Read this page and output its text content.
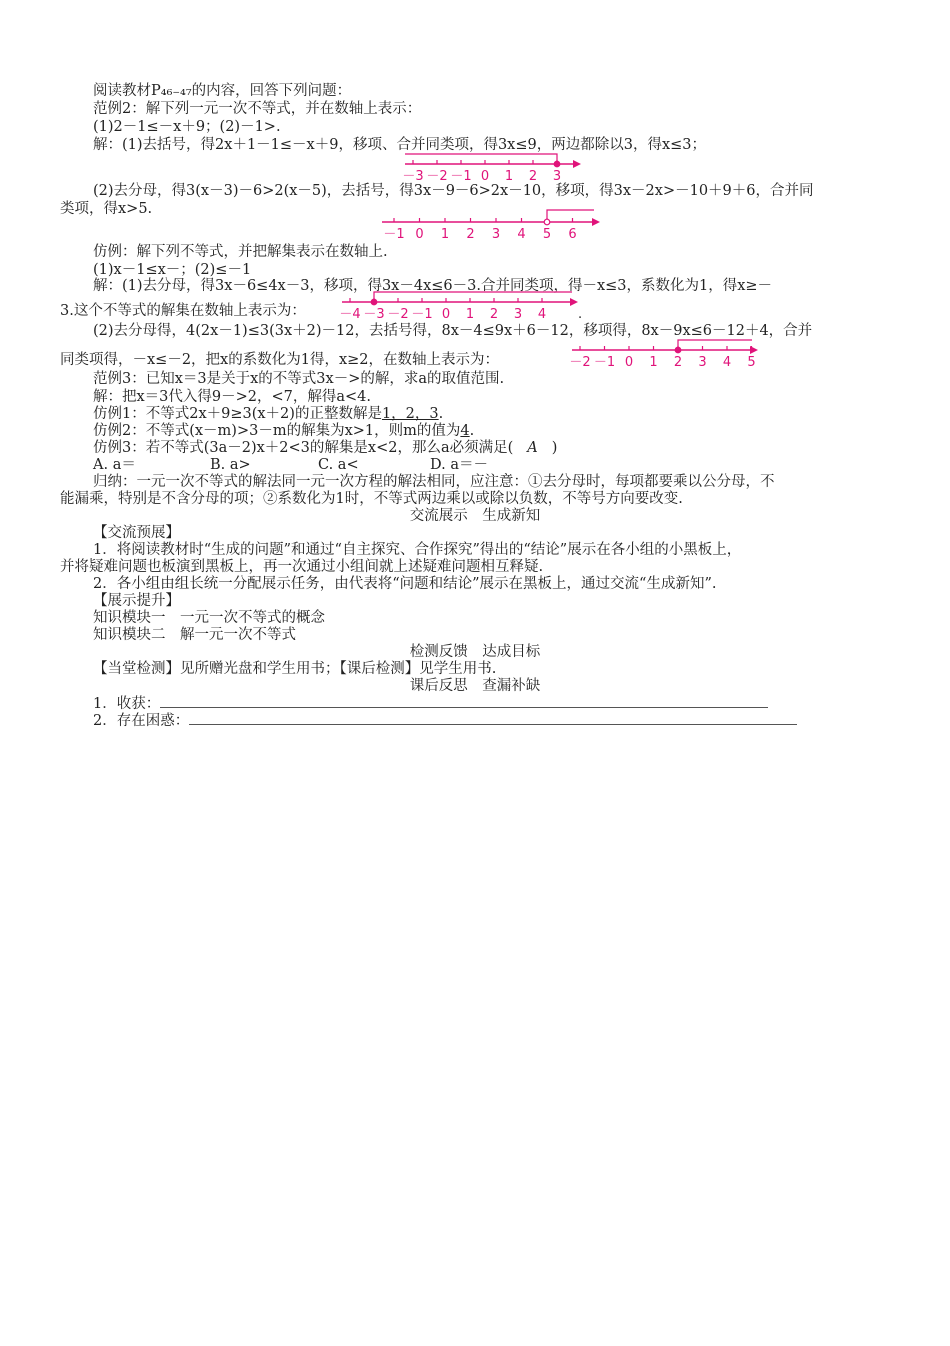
阅读教材P₄₆₋₄₇的内容，回答下列问题：
范例2：解下列一元一次不等式，并在数轴上表示：
(1)2－1≤－x＋9；(2)－1>.
解：(1)去括号，得2x＋1－1≤－x＋9，移项、合并同类项，得3x≤9，两边都除以3，得x≤3；
－3 －2 －1 0 1 2 3
(2)去分母，得3(x－3)－6>2(x－5)，去括号，得3x－9－6>2x－10，移项，得3x－2x>－10＋9＋6，合并同
类项，得x>5.
－1 0 1 2 3 4 5 6
仿例：解下列不等式，并把解集表示在数轴上.
(1)x－1≤x－；(2)≤－1
解：(1)去分母，得3x－6≤4x－3，移项，得3x－4x≤6－3.合并同类项，得－x≤3，系数化为1，得x≥－
3.这个不等式的解集在数轴上表示为：	－4 －3 －2 －1 0 1 2 3 4 .
(2)去分母得，4(2x－1)≤3(3x＋2)－12，去括号得，8x－4≤9x＋6－12，移项得，8x－9x≤6－12＋4，合并
同类项得，－x≤－2，把x的系数化为1得，x≥2，在数轴上表示为：	－2 －1 0 1 2 3 4 5
范例3：已知x＝3是关于x的不等式3x－>的解，求a的取值范围.
解：把x＝3代入得9－>2，<7，解得a<4.
仿例1：不等式2x＋9≥3(x＋2)的正整数解是1，2，3.
仿例2：不等式(x－m)>3－m的解集为x>1，则m的值为4.
仿例3：若不等式(3a－2)x＋2<3的解集是x<2，那么a必须满足( A )
A. a＝	B. a>	C. a<	D. a＝－
归纳：一元一次不等式的解法同一元一次方程的解法相同，应注意：①去分母时，每项都要乘以公分母，不
能漏乘，特别是不含分母的项；②系数化为1时，不等式两边乘以或除以负数，不等号方向要改变.
交流展示　生成新知
【交流预展】
1．将阅读教材时“生成的问题”和通过“自主探究、合作探究”得出的“结论”展示在各小组的小黑板上，
并将疑难问题也板演到黑板上，再一次通过小组间就上述疑难问题相互释疑.
2．各小组由组长统一分配展示任务，由代表将“问题和结论”展示在黑板上，通过交流“生成新知”.
【展示提升】
知识模块一　一元一次不等式的概念
知识模块二　解一元一次不等式
检测反馈　达成目标
【当堂检测】见所赠光盘和学生用书；【课后检测】见学生用书.
课后反思　查漏补缺
1．收获：
2．存在困惑：
